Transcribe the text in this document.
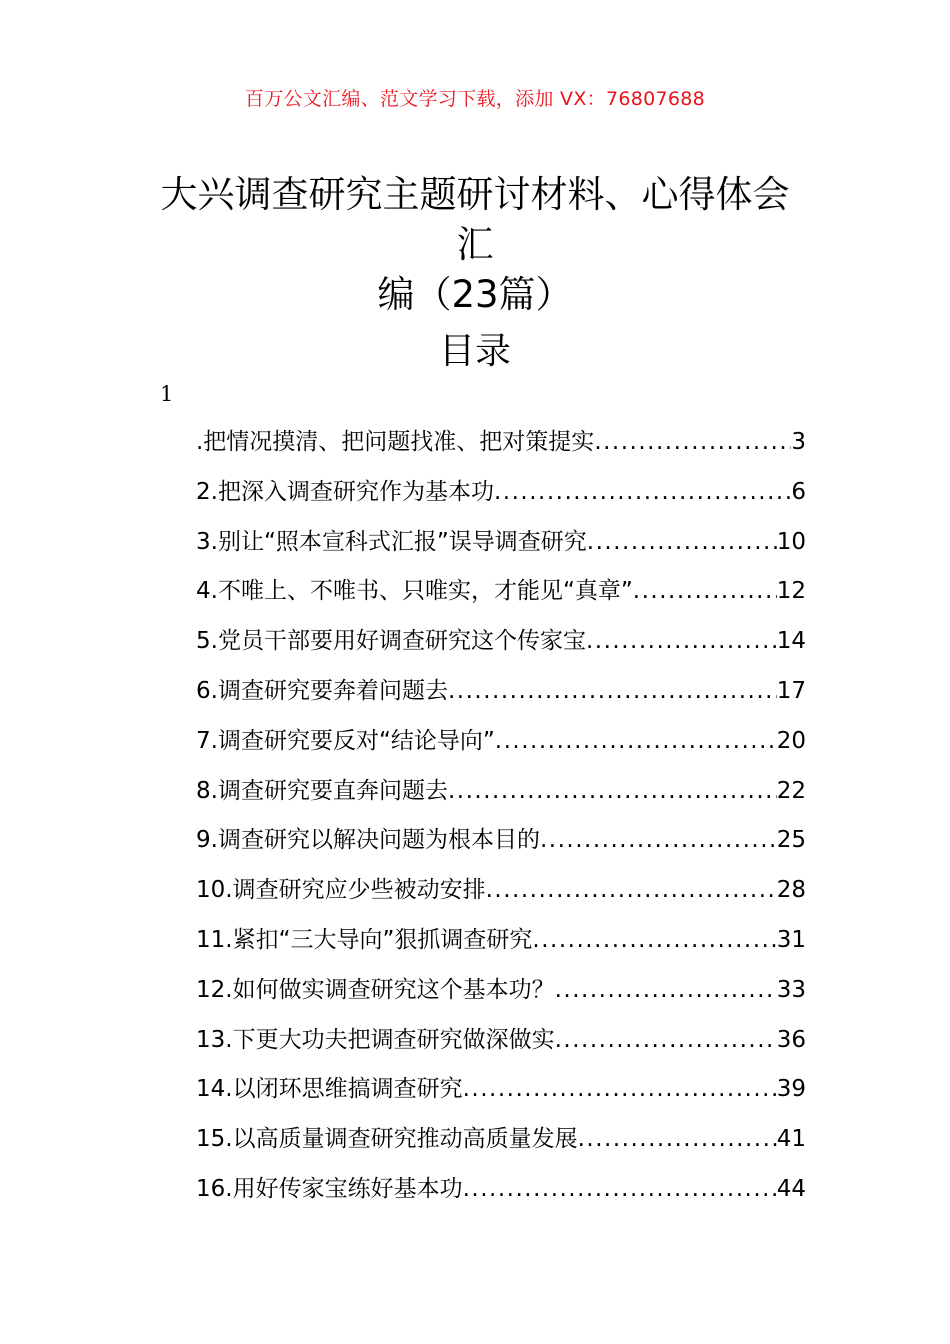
百万公文汇编、范文学习下载，添加 VX：76807688
大兴调查研究主题研讨材料、心得体会汇
编（23篇）
目录
1
.把情况摸清、把问题找准、把对策提实 .....	3
2.把深入调查研究作为基本功 .....	6
3.别让“照本宣科式汇报”误导调查研究 .....	10
4.不唯上、不唯书、只唯实，才能见“真章” .....	12
5.党员干部要用好调查研究这个传家宝 .....	14
6.调查研究要奔着问题去 .....	17
7.调查研究要反对“结论导向” .....	20
8.调查研究要直奔问题去 .....	22
9.调查研究以解决问题为根本目的 .....	25
10.调查研究应少些被动安排 .....	28
11.紧扣“三大导向”狠抓调查研究 .....	31
12.如何做实调查研究这个基本功？ .....	33
13.下更大功夫把调查研究做深做实 .....	36
14.以闭环思维搞调查研究 .....	39
15.以高质量调查研究推动高质量发展 .....	41
16.用好传家宝练好基本功 .....	44
